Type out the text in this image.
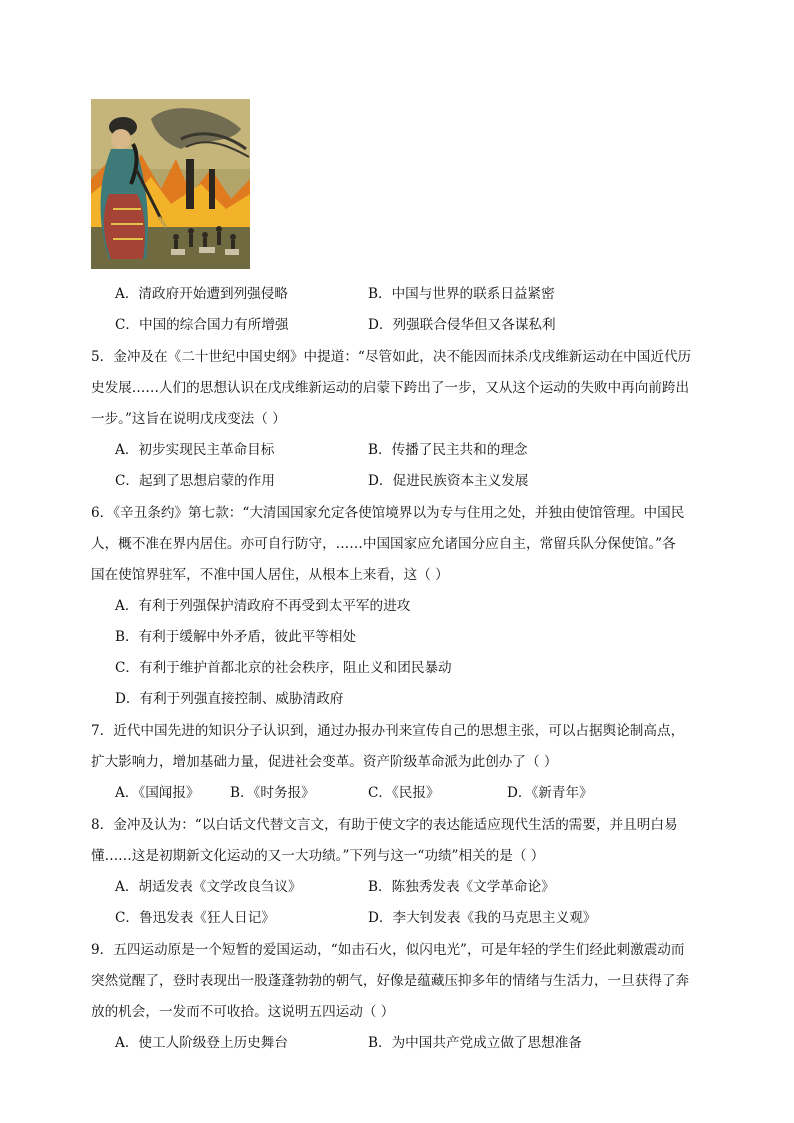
A．清政府开始遭到列强侵略	B．中国与世界的联系日益紧密
C．中国的综合国力有所增强	D．列强联合侵华但又各谋私利
5．金冲及在《二十世纪中国史纲》中提道：“尽管如此，决不能因而抹杀戊戌维新运动在中国近代历
史发展……人们的思想认识在戊戌维新运动的启蒙下跨出了一步，又从这个运动的失败中再向前跨出
一步。”这旨在说明戊戌变法（ ）
A．初步实现民主革命目标	B．传播了民主共和的理念
C．起到了思想启蒙的作用	D．促进民族资本主义发展
6．《辛丑条约》第七款：“大清国国家允定各使馆境界以为专与住用之处，并独由使馆管理。中国民
人，概不准在界内居住。亦可自行防守，……中国国家应允诸国分应自主，常留兵队分保使馆。”各
国在使馆界驻军，不准中国人居住，从根本上来看，这（ ）
A．有利于列强保护清政府不再受到太平军的进攻
B．有利于缓解中外矛盾，彼此平等相处
C．有利于维护首都北京的社会秩序，阻止义和团民暴动
D．有利于列强直接控制、威胁清政府
7．近代中国先进的知识分子认识到，通过办报办刊来宣传自己的思想主张，可以占据舆论制高点，
扩大影响力，增加基础力量，促进社会变革。资产阶级革命派为此创办了（ ）
A．《国闻报》 B．《时务报》	C．《民报》	D．《新青年》
8．金冲及认为：“以白话文代替文言文，有助于使文字的表达能适应现代生活的需要，并且明白易
懂……这是初期新文化运动的又一大功绩。”下列与这一“功绩”相关的是（ ）
A．胡适发表《文学改良刍议》	B．陈独秀发表《文学革命论》
C．鲁迅发表《狂人日记》	D．李大钊发表《我的马克思主义观》
9．五四运动原是一个短暂的爱国运动，“如击石火，似闪电光”，可是年轻的学生们经此刺激震动而
突然觉醒了，登时表现出一股蓬蓬勃勃的朝气，好像是蕴藏压抑多年的情绪与生活力，一旦获得了奔
放的机会，一发而不可收拾。这说明五四运动（ ）
A．使工人阶级登上历史舞台	B．为中国共产党成立做了思想准备
